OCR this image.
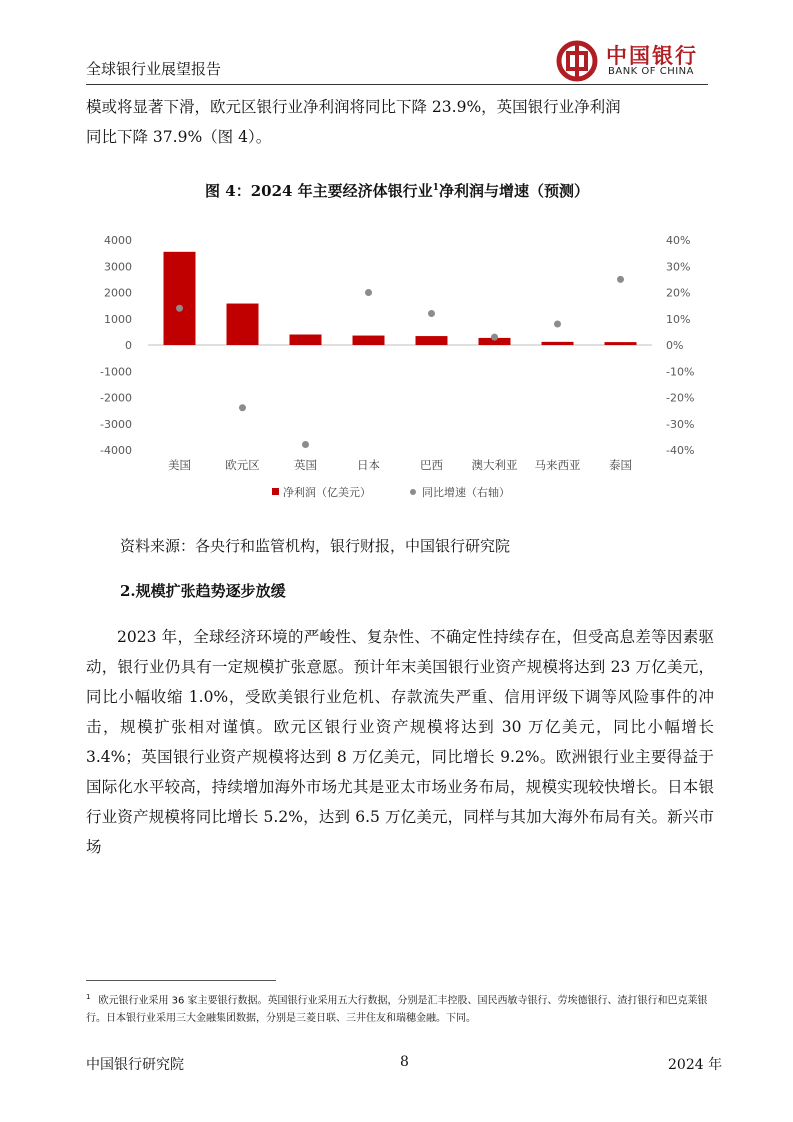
全球银行业展望报告
中国银行
BANK OF CHINA
模或将显著下滑，欧元区银行业净利润将同比下降 23.9%，英国银行业净利润
同比下降 37.9%（图 4）。
图 4：2024 年主要经济体银行业$^1$净利润与增速（预测）
4000
3000
2000
1000
0
-1000
-2000
-3000
-4000
40%
30%
20%
10%
0%
-10%
-20%
-30%
-40%
美国	欧元区	英国	日本	巴西 澳大利亚 马来西亚 泰国
净利润（亿美元）	同比增速（右轴）
资料来源：各央行和监管机构，银行财报，中国银行研究院
2.规模扩张趋势逐步放缓
2023 年，全球经济环境的严峻性、复杂性、不确定性持续存在，但受高息差等因素驱动，银行业仍具有一定规模扩张意愿。预计年末美国银行业资产规模将达到 23 万亿美元，同比小幅收缩 1.0%，受欧美银行业危机、存款流失严重、信用评级下调等风险事件的冲击，规模扩张相对谨慎。欧元区银行业资产规模将达到 30 万亿美元，同比小幅增长 3.4%；英国银行业资产规模将达到 8 万亿美元，同比增长 9.2%。欧洲银行业主要得益于国际化水平较高，持续增加海外市场尤其是亚太市场业务布局，规模实现较快增长。日本银行业资产规模将同比增长 5.2%，达到 6.5 万亿美元，同样与其加大海外布局有关。新兴市场
$^1$ 欧元银行业采用 36 家主要银行数据。英国银行业采用五大行数据，分别是汇丰控股、国民西敏寺银行、劳埃德银行、渣打银行和巴克莱银行。日本银行业采用三大金融集团数据，分别是三菱日联、三井住友和瑞穗金融。下同。
中国银行研究院	8	2024 年
